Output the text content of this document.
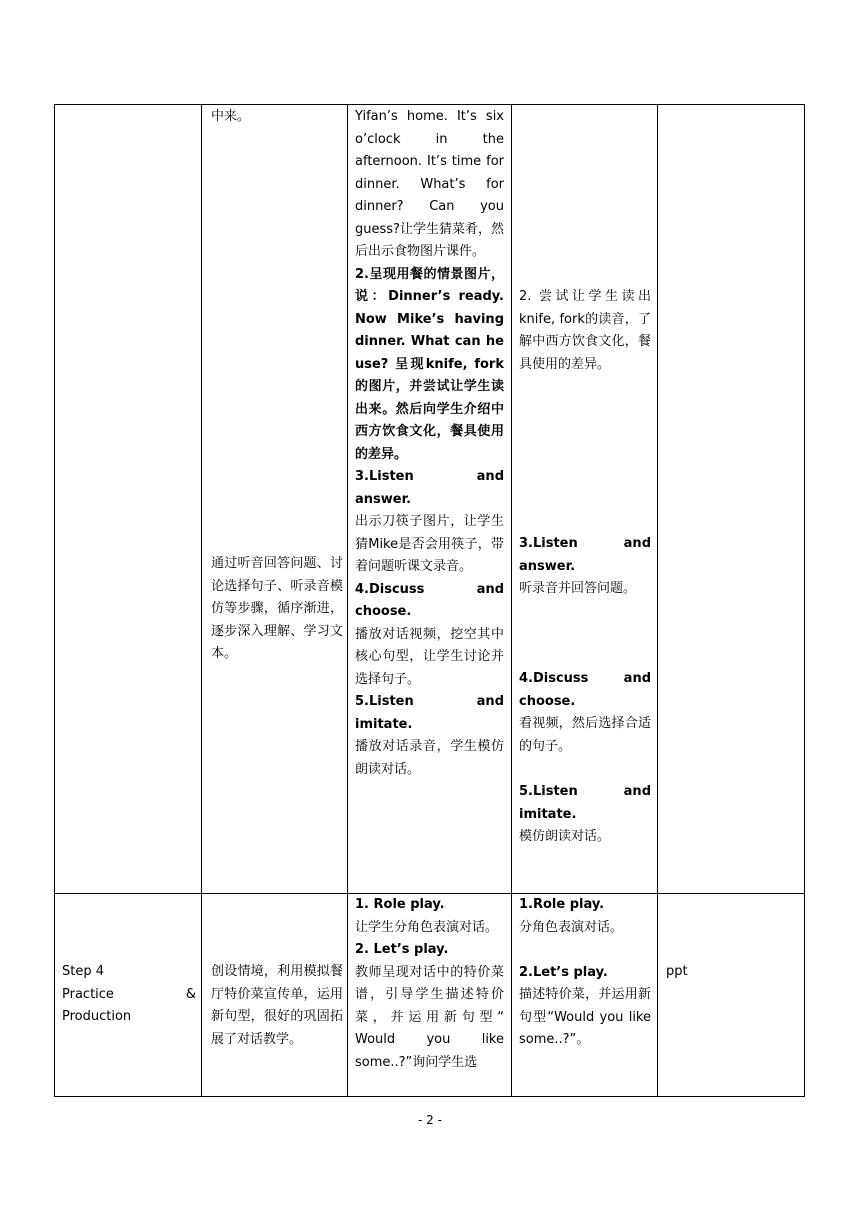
中来。

通过听音回答问题、讨论选择句子、听录音模仿等步骤，循序渐进，逐步深入理解、学习文本。

Yifan’s home. It’s six o’clock in the afternoon. It’s time for dinner. What’s for dinner? Can you guess?让学生猜菜肴，然后出示食物图片课件。

2.呈现用餐的情景图片，说：Dinner’s ready. Now Mike’s having dinner. What can he use? 呈现knife, fork的图片，并尝试让学生读出来。然后向学生介绍中西方饮食文化，餐具使用的差异。

3.Listen and answer.
出示刀筷子图片，让学生猜Mike是否会用筷子，带着问题听课文录音。

4.Discuss and choose.
播放对话视频，挖空其中核心句型，让学生讨论并选择句子。

5.Listen and imitate.
播放对话录音，学生模仿朗读对话。

2. 尝试让学生读出knife, fork的读音，了解中西方饮食文化，餐具使用的差异。

3.Listen and answer.
听录音并回答问题。

4.Discuss and choose.
看视频，然后选择合适的句子。

5.Listen and imitate.
模仿朗读对话。

Step 4
Practice	&
Production

创设情境，利用模拟餐厅特价菜宣传单，运用新句型，很好的巩固拓展了对话教学。

1. Role play.
让学生分角色表演对话。

2. Let’s play.
教师呈现对话中的特价菜谱，引导学生描述特价菜，并运用新句型“ Would you like some..?”询问学生选

1.Role play.
分角色表演对话。

2.Let’s play.
描述特价菜，并运用新句型“Would you like some..?”。

ppt
- 2 -
